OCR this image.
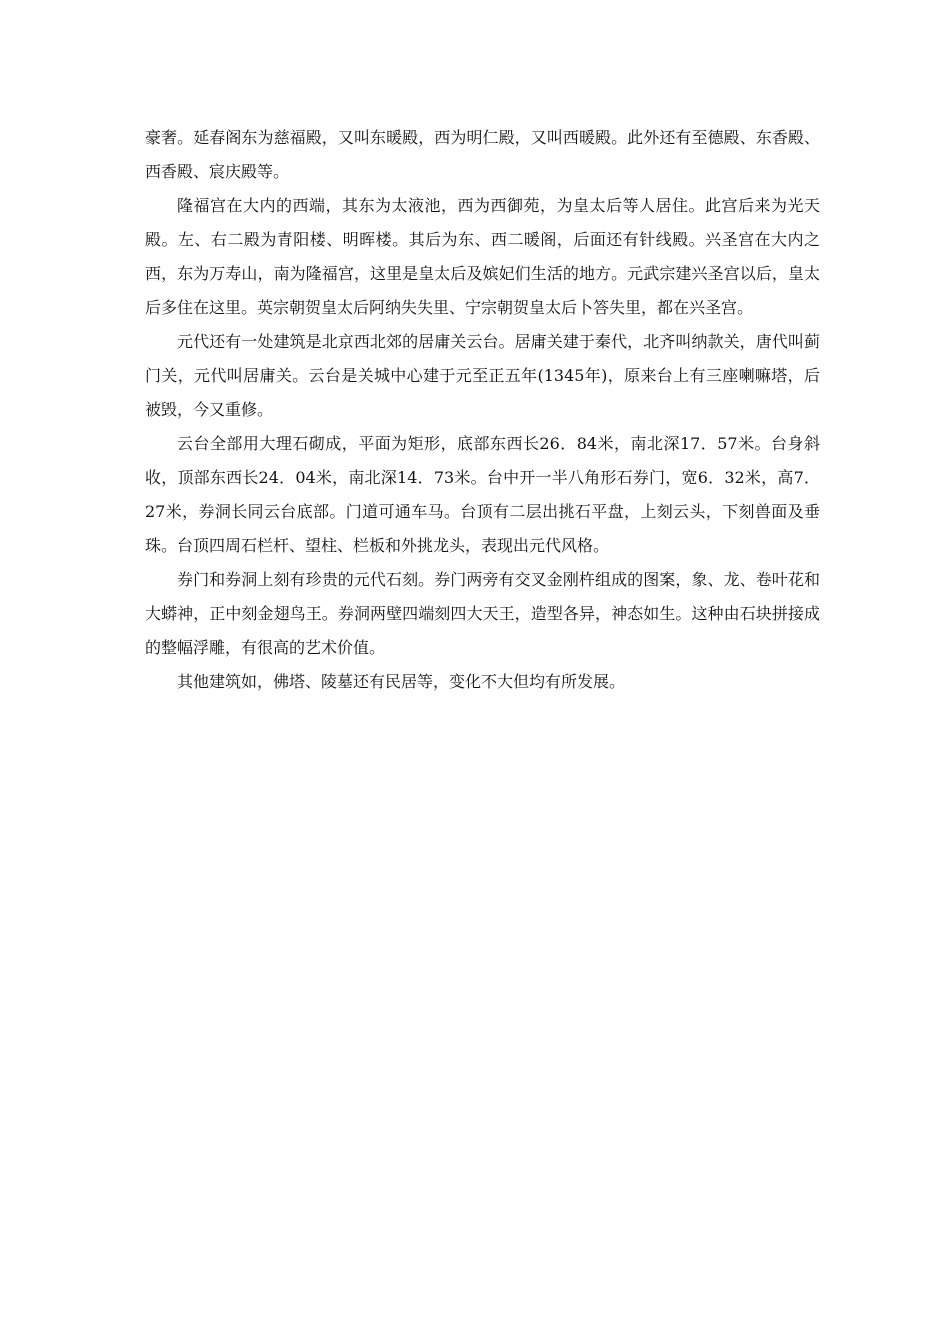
豪奢。延春阁东为慈福殿，又叫东暖殿，西为明仁殿，又叫西暖殿。此外还有至德殿、东香殿、西香殿、宸庆殿等。

隆福宫在大内的西端，其东为太液池，西为西御苑，为皇太后等人居住。此宫后来为光天殿。左、右二殿为青阳楼、明晖楼。其后为东、西二暖阁，后面还有针线殿。兴圣宫在大内之西，东为万寿山，南为隆福宫，这里是皇太后及嫔妃们生活的地方。元武宗建兴圣宫以后，皇太后多住在这里。英宗朝贺皇太后阿纳失失里、宁宗朝贺皇太后卜答失里，都在兴圣宫。

元代还有一处建筑是北京西北郊的居庸关云台。居庸关建于秦代，北齐叫纳款关，唐代叫蓟门关，元代叫居庸关。云台是关城中心建于元至正五年(1345年)，原来台上有三座喇嘛塔，后被毁，今又重修。

云台全部用大理石砌成，平面为矩形，底部东西长26．84米，南北深17．57米。台身斜收，顶部东西长24．04米，南北深14．73米。台中开一半八角形石券门，宽6．32米，高7．27米，券洞长同云台底部。门道可通车马。台顶有二层出挑石平盘，上刻云头，下刻兽面及垂珠。台顶四周石栏杆、望柱、栏板和外挑龙头，表现出元代风格。

券门和券洞上刻有珍贵的元代石刻。券门两旁有交叉金刚杵组成的图案，象、龙、卷叶花和大蟒神，正中刻金翅鸟王。券洞两壁四端刻四大天王，造型各异，神态如生。这种由石块拼接成的整幅浮雕，有很高的艺术价值。

其他建筑如，佛塔、陵墓还有民居等，变化不大但均有所发展。
